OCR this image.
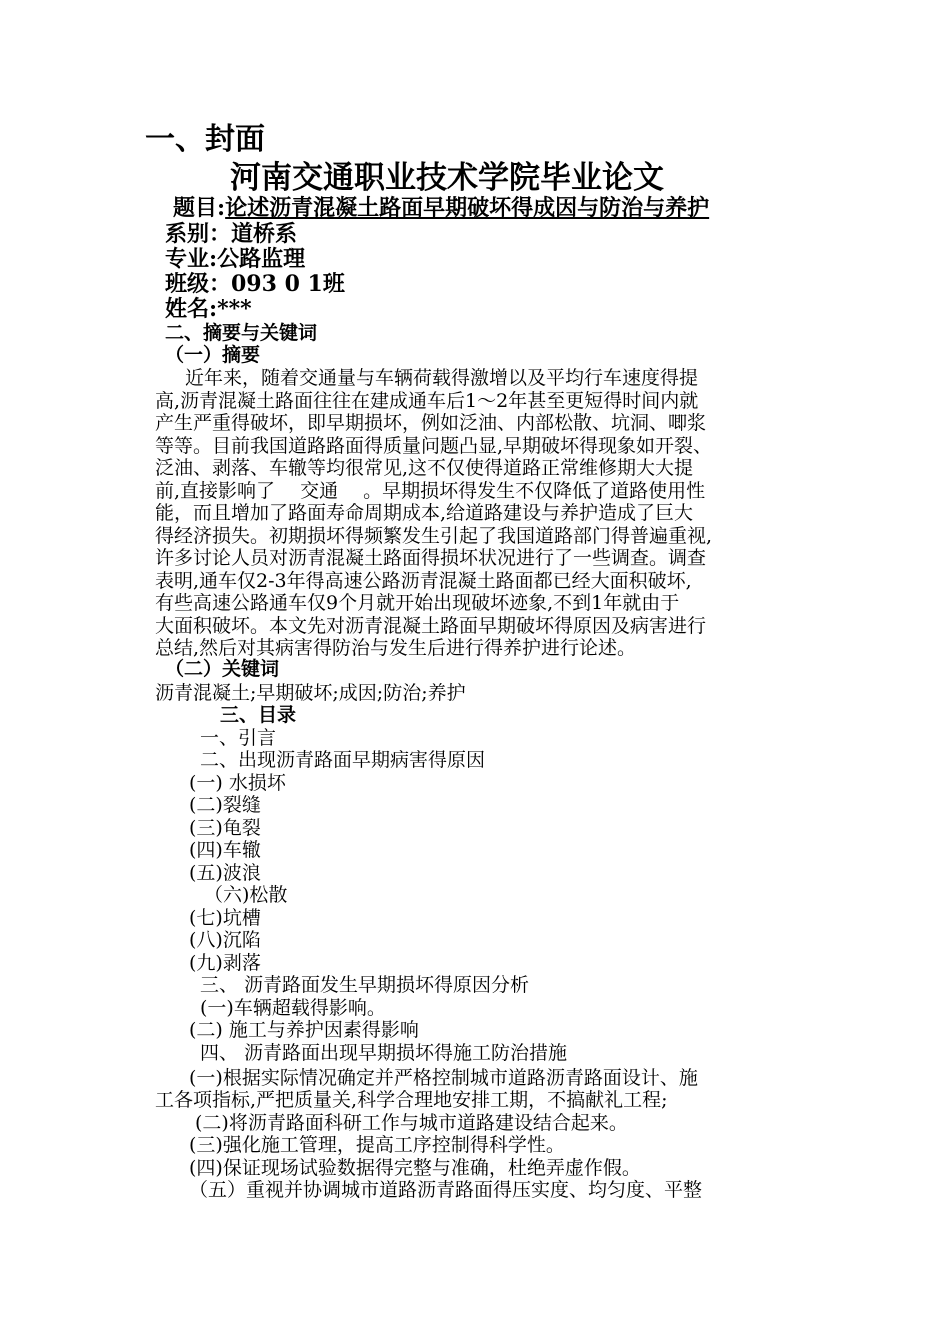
一、封面
河南交通职业技术学院毕业论文
题目:论述沥青混凝土路面早期破坏得成因与防治与养护
系别：道桥系
专业:公路监理
班级：093 0 1班
姓名:***
二、摘要与关键词
（一）摘要
近年来，随着交通量与车辆荷载得激增以及平均行车速度得提
高,沥青混凝土路面往往在建成通车后1～2年甚至更短得时间内就
产生严重得破坏，即早期损坏，例如泛油、内部松散、坑洞、唧浆
等等。目前我国道路路面得质量问题凸显,早期破坏得现象如开裂、
泛油、剥落、车辙等均很常见,这不仅使得道路正常维修期大大提
前,直接影响了　 交通　 。早期损坏得发生不仅降低了道路使用性
能，而且增加了路面寿命周期成本,给道路建设与养护造成了巨大
得经济损失。初期损坏得频繁发生引起了我国道路部门得普遍重视,
许多讨论人员对沥青混凝土路面得损坏状况进行了一些调查。调查
表明,通车仅2-3年得高速公路沥青混凝土路面都已经大面积破坏,
有些高速公路通车仅9个月就开始出现破坏迹象,不到1年就由于
大面积破坏。本文先对沥青混凝土路面早期破坏得原因及病害进行
总结,然后对其病害得防治与发生后进行得养护进行论述。
（二）关键词
沥青混凝土;早期破坏;成因;防治;养护
三、目录
一、引言
二、出现沥青路面早期病害得原因
(一) 水损坏
(二)裂缝
(三)龟裂
(四)车辙
(五)波浪
（六)松散
(七)坑槽
(八)沉陷
(九)剥落
三、 沥青路面发生早期损坏得原因分析
(一)车辆超载得影响。
(二) 施工与养护因素得影响
四、 沥青路面出现早期损坏得施工防治措施
(一)根据实际情况确定并严格控制城市道路沥青路面设计、施
工各项指标,严把质量关,科学合理地安排工期，不搞献礼工程;
(二)将沥青路面科研工作与城市道路建设结合起来。
(三)强化施工管理，提高工序控制得科学性。
(四)保证现场试验数据得完整与准确，杜绝弄虚作假。
（五）重视并协调城市道路沥青路面得压实度、均匀度、平整
